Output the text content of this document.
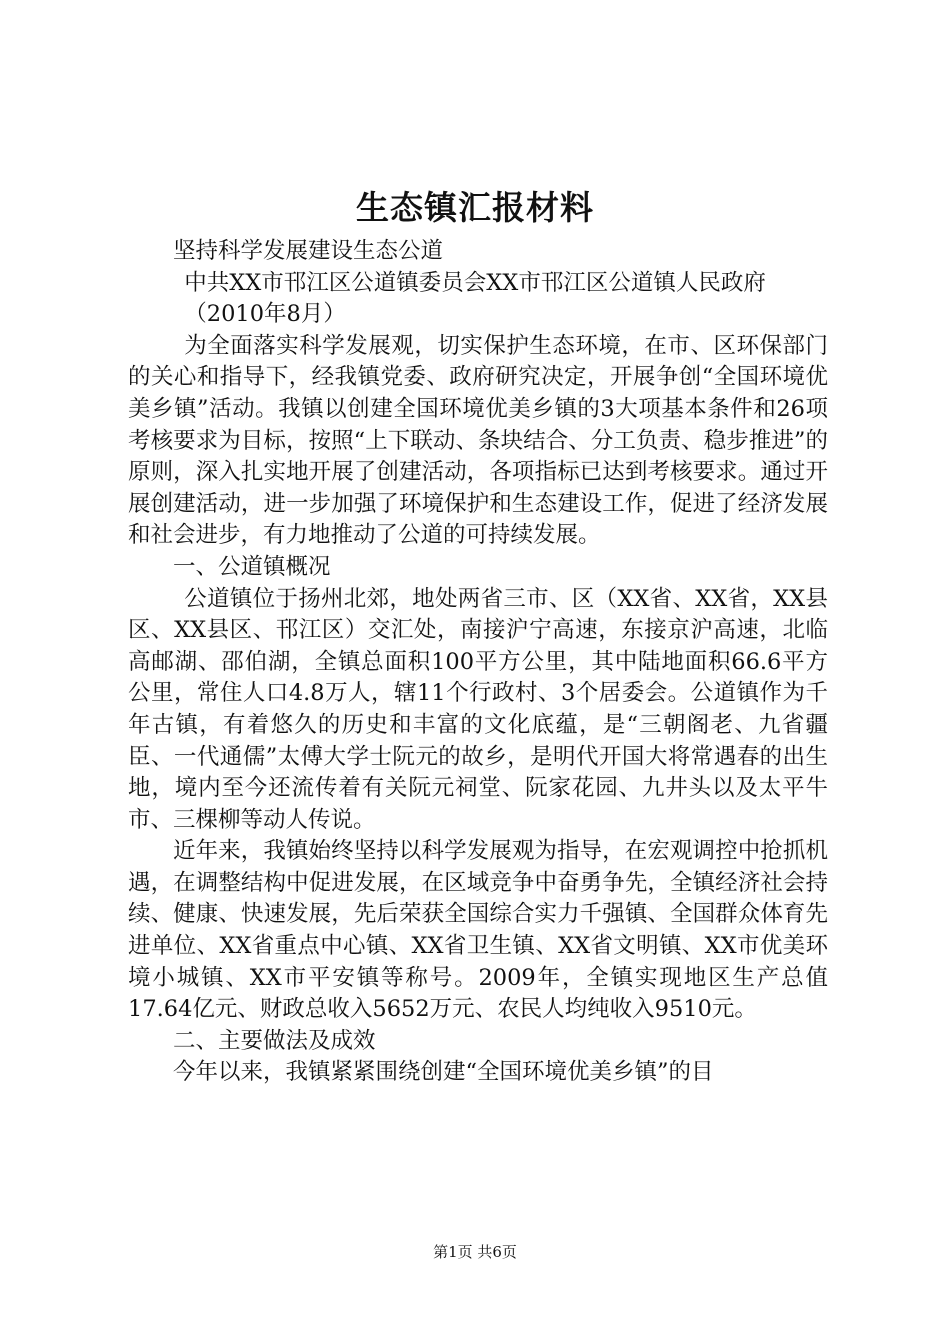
生态镇汇报材料

坚持科学发展建设生态公道

中共XX市邗江区公道镇委员会XX市邗江区公道镇人民政府

（2010年8月）

为全面落实科学发展观，切实保护生态环境，在市、区环保部门的关心和指导下，经我镇党委、政府研究决定，开展争创“全国环境优美乡镇”活动。我镇以创建全国环境优美乡镇的3大项基本条件和26项考核要求为目标，按照“上下联动、条块结合、分工负责、稳步推进”的原则，深入扎实地开展了创建活动，各项指标已达到考核要求。通过开展创建活动，进一步加强了环境保护和生态建设工作，促进了经济发展和社会进步，有力地推动了公道的可持续发展。

一、公道镇概况

公道镇位于扬州北郊，地处两省三市、区（XX省、XX省，XX县区、XX县区、邗江区）交汇处，南接沪宁高速，东接京沪高速，北临高邮湖、邵伯湖，全镇总面积100平方公里，其中陆地面积66.6平方公里，常住人口4.8万人，辖11个行政村、3个居委会。公道镇作为千年古镇，有着悠久的历史和丰富的文化底蕴，是“三朝阁老、九省疆臣、一代通儒”太傅大学士阮元的故乡，是明代开国大将常遇春的出生地，境内至今还流传着有关阮元祠堂、阮家花园、九井头以及太平牛市、三棵柳等动人传说。

近年来，我镇始终坚持以科学发展观为指导，在宏观调控中抢抓机遇，在调整结构中促进发展，在区域竞争中奋勇争先，全镇经济社会持续、健康、快速发展，先后荣获全国综合实力千强镇、全国群众体育先进单位、XX省重点中心镇、XX省卫生镇、XX省文明镇、XX市优美环境小城镇、XX市平安镇等称号。2009年，全镇实现地区生产总值17.64亿元、财政总收入5652万元、农民人均纯收入9510元。

二、主要做法及成效

今年以来，我镇紧紧围绕创建“全国环境优美乡镇”的目

第1页 共6页
